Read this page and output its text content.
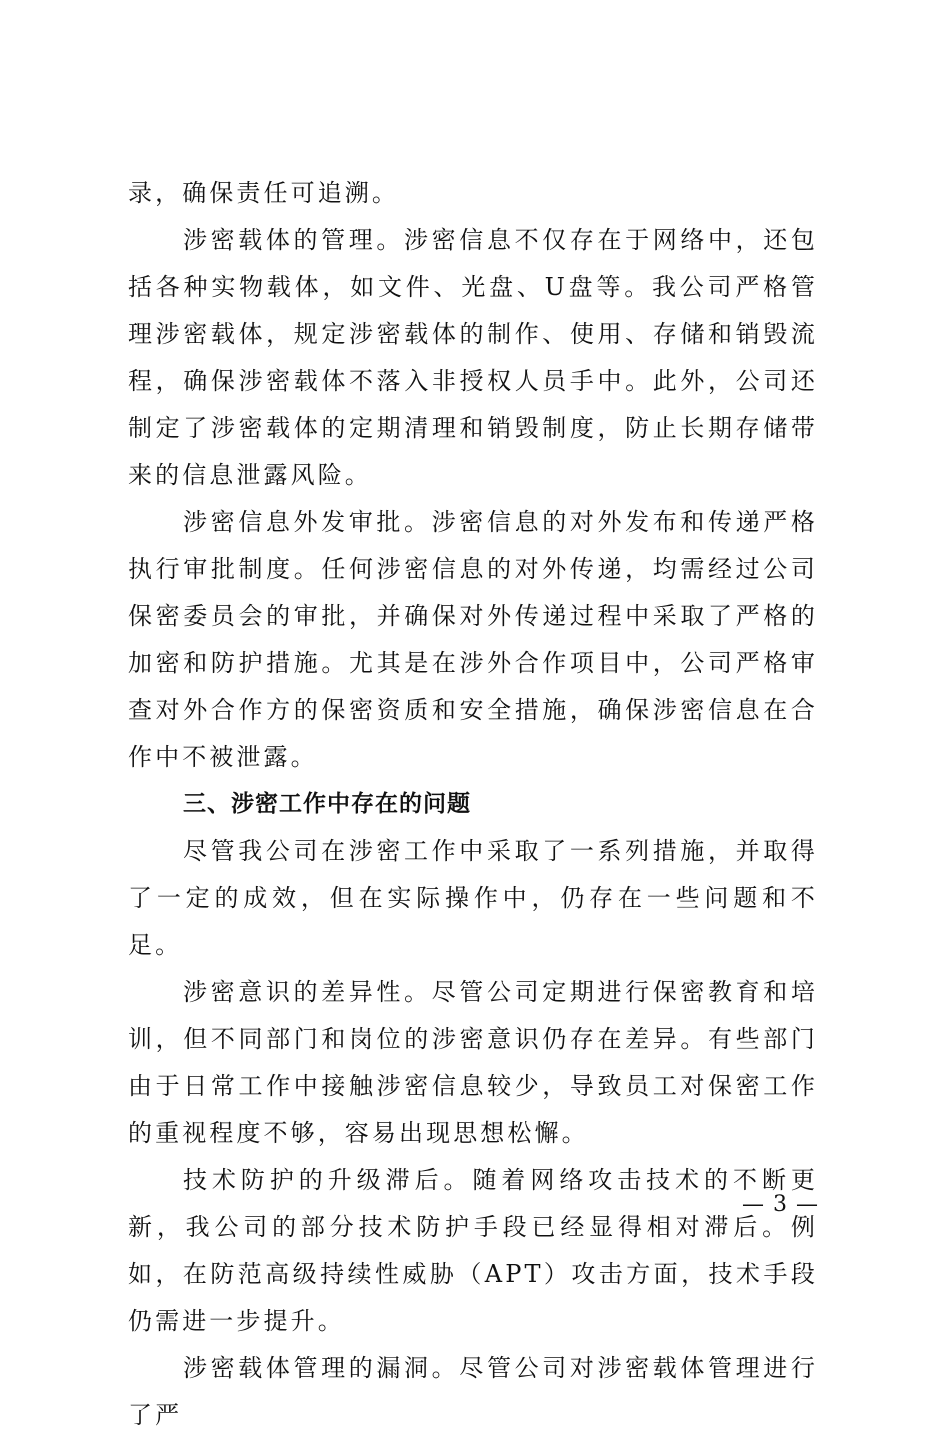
录，确保责任可追溯。

涉密载体的管理。涉密信息不仅存在于网络中，还包括各种实物载体，如文件、光盘、U盘等。我公司严格管理涉密载体，规定涉密载体的制作、使用、存储和销毁流程，确保涉密载体不落入非授权人员手中。此外，公司还制定了涉密载体的定期清理和销毁制度，防止长期存储带来的信息泄露风险。

涉密信息外发审批。涉密信息的对外发布和传递严格执行审批制度。任何涉密信息的对外传递，均需经过公司保密委员会的审批，并确保对外传递过程中采取了严格的加密和防护措施。尤其是在涉外合作项目中，公司严格审查对外合作方的保密资质和安全措施，确保涉密信息在合作中不被泄露。

三、涉密工作中存在的问题

尽管我公司在涉密工作中采取了一系列措施，并取得了一定的成效，但在实际操作中，仍存在一些问题和不足。

涉密意识的差异性。尽管公司定期进行保密教育和培训，但不同部门和岗位的涉密意识仍存在差异。有些部门由于日常工作中接触涉密信息较少，导致员工对保密工作的重视程度不够，容易出现思想松懈。

技术防护的升级滞后。随着网络攻击技术的不断更新，我公司的部分技术防护手段已经显得相对滞后。例如，在防范高级持续性威胁（APT）攻击方面，技术手段仍需进一步提升。

涉密载体管理的漏洞。尽管公司对涉密载体管理进行了严

— 3 —
